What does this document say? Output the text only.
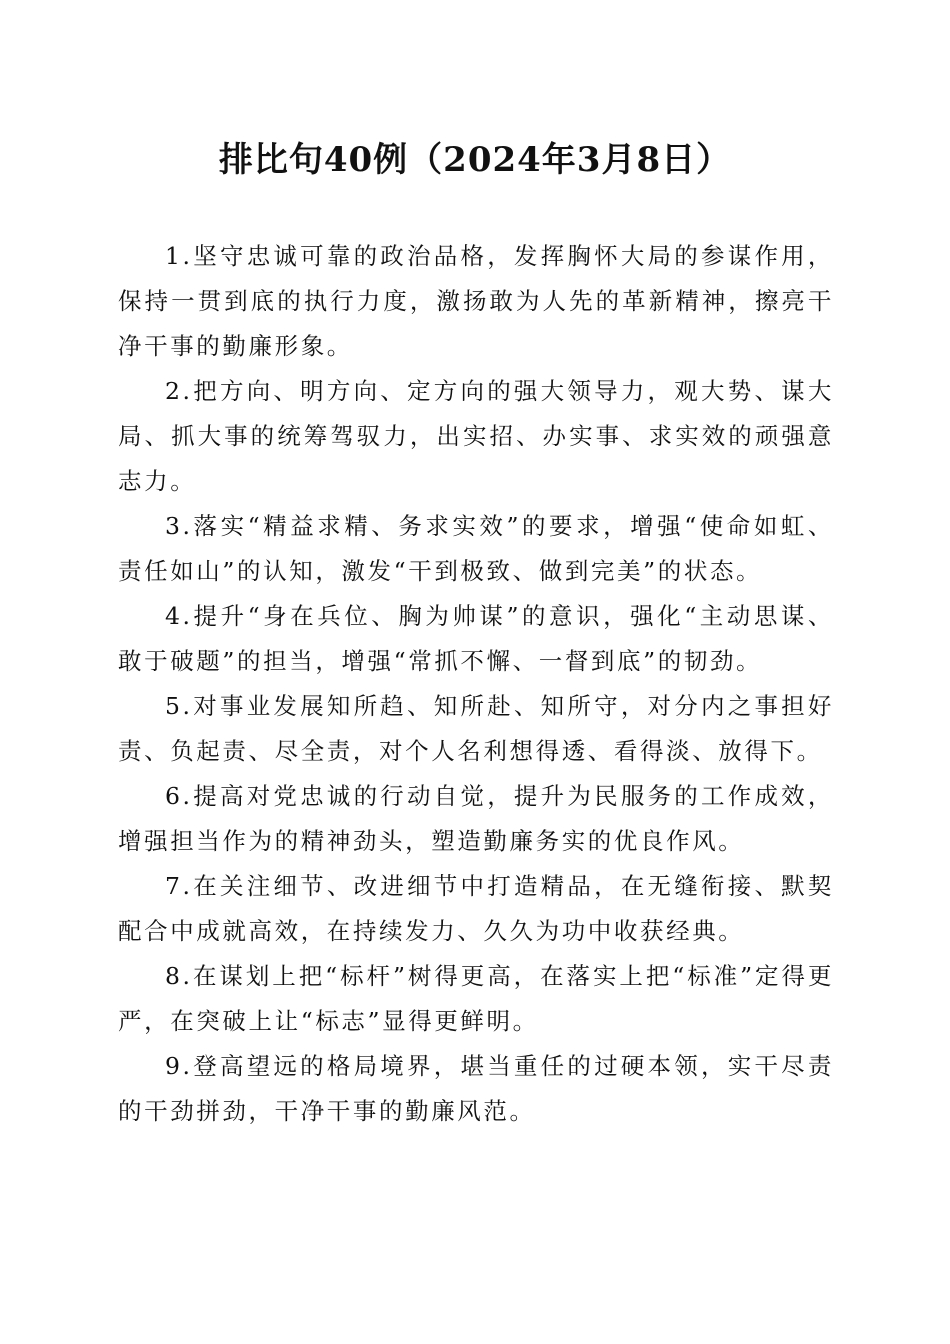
排比句40例（2024年3月8日）

1.坚守忠诚可靠的政治品格，发挥胸怀大局的参谋作用，保持一贯到底的执行力度，激扬敢为人先的革新精神，擦亮干净干事的勤廉形象。

2.把方向、明方向、定方向的强大领导力，观大势、谋大局、抓大事的统筹驾驭力，出实招、办实事、求实效的顽强意志力。

3.落实“精益求精、务求实效”的要求，增强“使命如虹、责任如山”的认知，激发“干到极致、做到完美”的状态。

4.提升“身在兵位、胸为帅谋”的意识，强化“主动思谋、敢于破题”的担当，增强“常抓不懈、一督到底”的韧劲。

5.对事业发展知所趋、知所赴、知所守，对分内之事担好责、负起责、尽全责，对个人名利想得透、看得淡、放得下。

6.提高对党忠诚的行动自觉，提升为民服务的工作成效，增强担当作为的精神劲头，塑造勤廉务实的优良作风。

7.在关注细节、改进细节中打造精品，在无缝衔接、默契配合中成就高效，在持续发力、久久为功中收获经典。

8.在谋划上把“标杆”树得更高，在落实上把“标准”定得更严，在突破上让“标志”显得更鲜明。

9.登高望远的格局境界，堪当重任的过硬本领，实干尽责的干劲拼劲，干净干事的勤廉风范。
